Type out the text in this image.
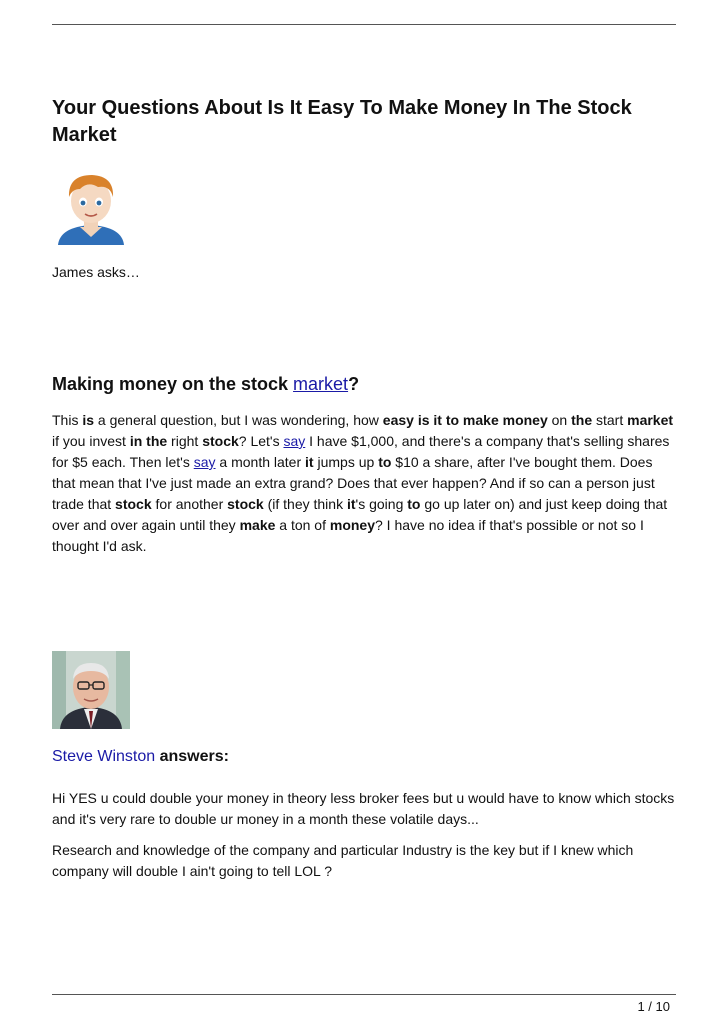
Your Questions About Is It Easy To Make Money In The Stock Market

James asks…

Making money on the stock market?

This is a general question, but I was wondering, how easy is it to make money on the start market if you invest in the right stock? Let's say I have $1,000, and there's a company that's selling shares for $5 each. Then let's say a month later it jumps up to $10 a share, after I've bought them. Does that mean that I've just made an extra grand? Does that ever happen? And if so can a person just trade that stock for another stock (if they think it's going to go up later on) and just keep doing that over and over again until they make a ton of money? I have no idea if that's possible or not so I thought I'd ask.

Steve Winston answers:

Hi YES u could double your money in theory less broker fees but u would have to know which stocks and it's very rare to double ur money in a month these volatile days...

Research and knowledge of the company and particular Industry is the key but if I knew which company will double I ain't going to tell LOL ?

1 / 10
